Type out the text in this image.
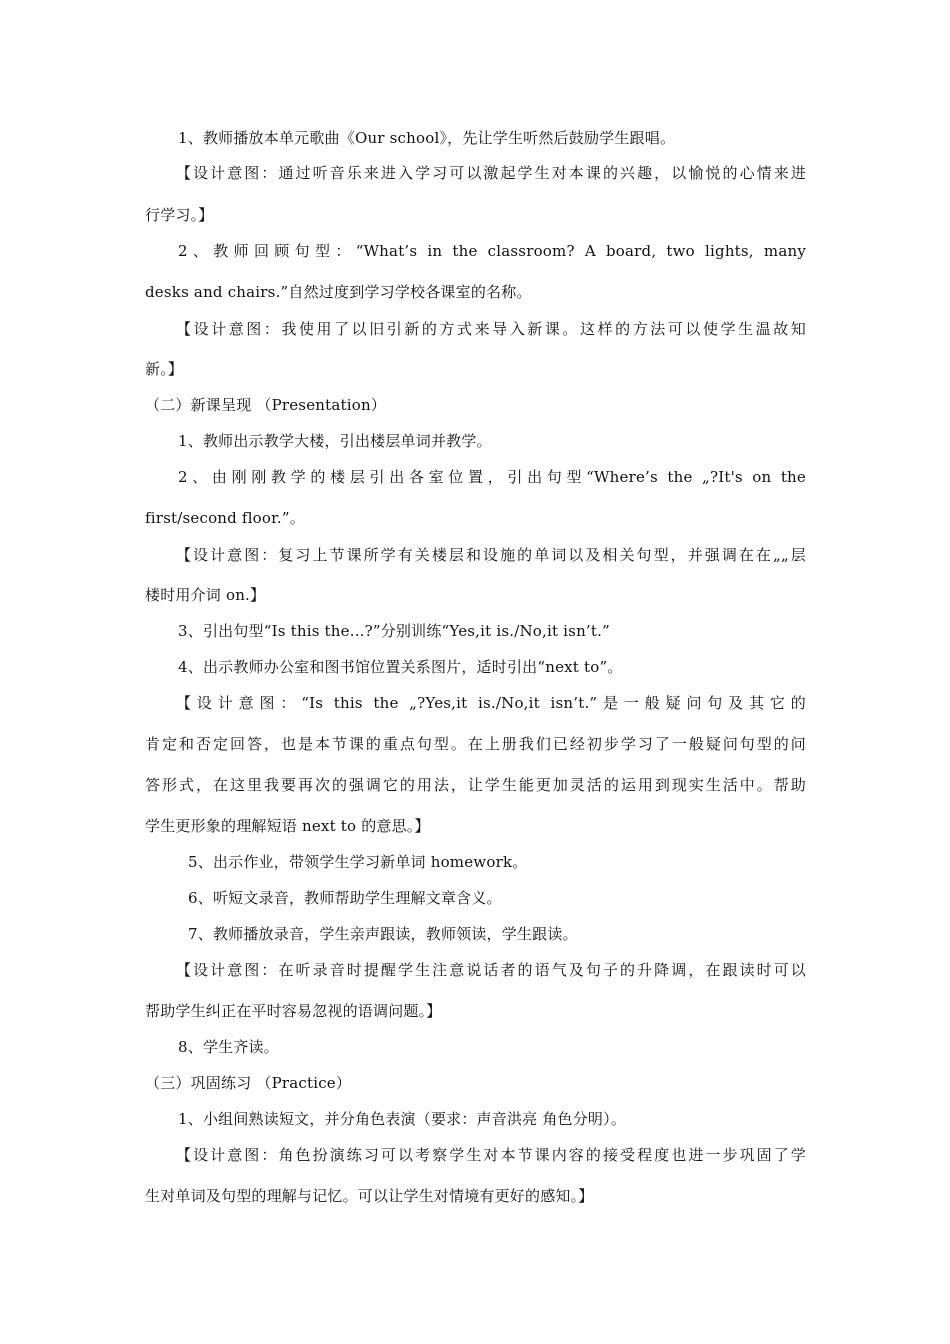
1、教师播放本单元歌曲《Our school》，先让学生听然后鼓励学生跟唱。
【设计意图：通过听音乐来进入学习可以激起学生对本课的兴趣，以愉悦的心情来进
行学习。】
2、教师回顾句型：“What’s in the classroom? A board, two lights, many
desks and chairs.”自然过度到学习学校各课室的名称。
【设计意图：我使用了以旧引新的方式来导入新课。这样的方法可以使学生温故知
新。】
（二）新课呈现 （Presentation）
1、教师出示教学大楼，引出楼层单词并教学。
2、由刚刚教学的楼层引出各室位置，引出句型“Where’s the „?It's on the
first/second floor.”。
【设计意图：复习上节课所学有关楼层和设施的单词以及相关句型，并强调在在„„层
楼时用介词 on.】
3、引出句型“Is this the...?”分别训练“Yes,it is./No,it isn’t.”
4、出示教师办公室和图书馆位置关系图片，适时引出“next to”。
【设计意图：“Is this the „?Yes,it is./No,it isn’t.”是一般疑问句及其它的
肯定和否定回答，也是本节课的重点句型。在上册我们已经初步学习了一般疑问句型的问
答形式，在这里我要再次的强调它的用法，让学生能更加灵活的运用到现实生活中。帮助
学生更形象的理解短语 next to 的意思。】
5、出示作业，带领学生学习新单词 homework。
6、听短文录音，教师帮助学生理解文章含义。
7、教师播放录音，学生亲声跟读，教师领读，学生跟读。
【设计意图：在听录音时提醒学生注意说话者的语气及句子的升降调，在跟读时可以
帮助学生纠正在平时容易忽视的语调问题。】
8、学生齐读。
（三）巩固练习 （Practice）
1、小组间熟读短文，并分角色表演（要求：声音洪亮 角色分明）。
【设计意图：角色扮演练习可以考察学生对本节课内容的接受程度也进一步巩固了学
生对单词及句型的理解与记忆。可以让学生对情境有更好的感知。】
